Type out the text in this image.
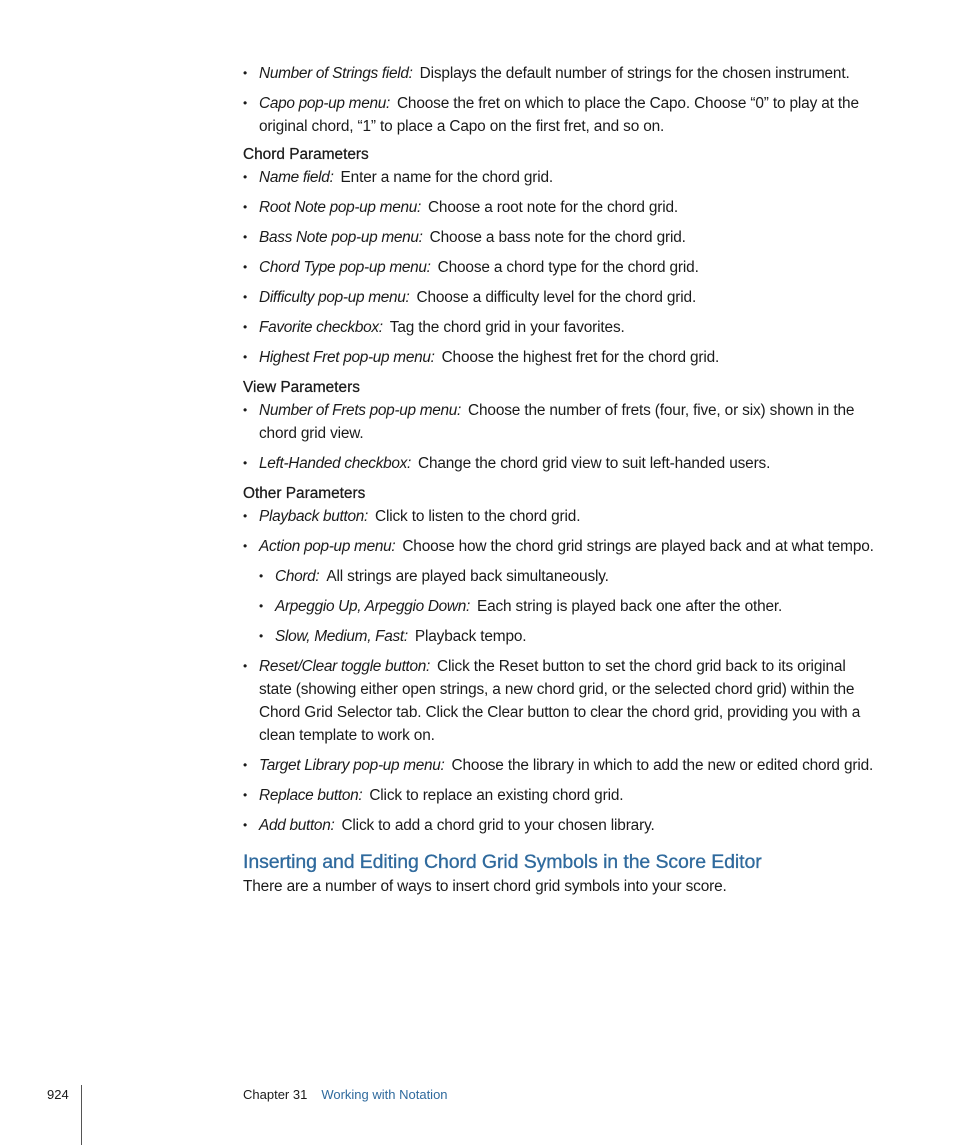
• Number of Strings field: Displays the default number of strings for the chosen instrument.
• Capo pop-up menu: Choose the fret on which to place the Capo. Choose “0” to play at the original chord, “1” to place a Capo on the first fret, and so on.
Chord Parameters
• Name field: Enter a name for the chord grid.
• Root Note pop-up menu: Choose a root note for the chord grid.
• Bass Note pop-up menu: Choose a bass note for the chord grid.
• Chord Type pop-up menu: Choose a chord type for the chord grid.
• Difficulty pop-up menu: Choose a difficulty level for the chord grid.
• Favorite checkbox: Tag the chord grid in your favorites.
• Highest Fret pop-up menu: Choose the highest fret for the chord grid.
View Parameters
• Number of Frets pop-up menu: Choose the number of frets (four, five, or six) shown in the chord grid view.
• Left-Handed checkbox: Change the chord grid view to suit left-handed users.
Other Parameters
• Playback button: Click to listen to the chord grid.
• Action pop-up menu: Choose how the chord grid strings are played back and at what tempo.
• Chord: All strings are played back simultaneously.
• Arpeggio Up, Arpeggio Down: Each string is played back one after the other.
• Slow, Medium, Fast: Playback tempo.
• Reset/Clear toggle button: Click the Reset button to set the chord grid back to its original state (showing either open strings, a new chord grid, or the selected chord grid) within the Chord Grid Selector tab. Click the Clear button to clear the chord grid, providing you with a clean template to work on.
• Target Library pop-up menu: Choose the library in which to add the new or edited chord grid.
• Replace button: Click to replace an existing chord grid.
• Add button: Click to add a chord grid to your chosen library.
Inserting and Editing Chord Grid Symbols in the Score Editor

There are a number of ways to insert chord grid symbols into your score.

924	Chapter 31 Working with Notation
